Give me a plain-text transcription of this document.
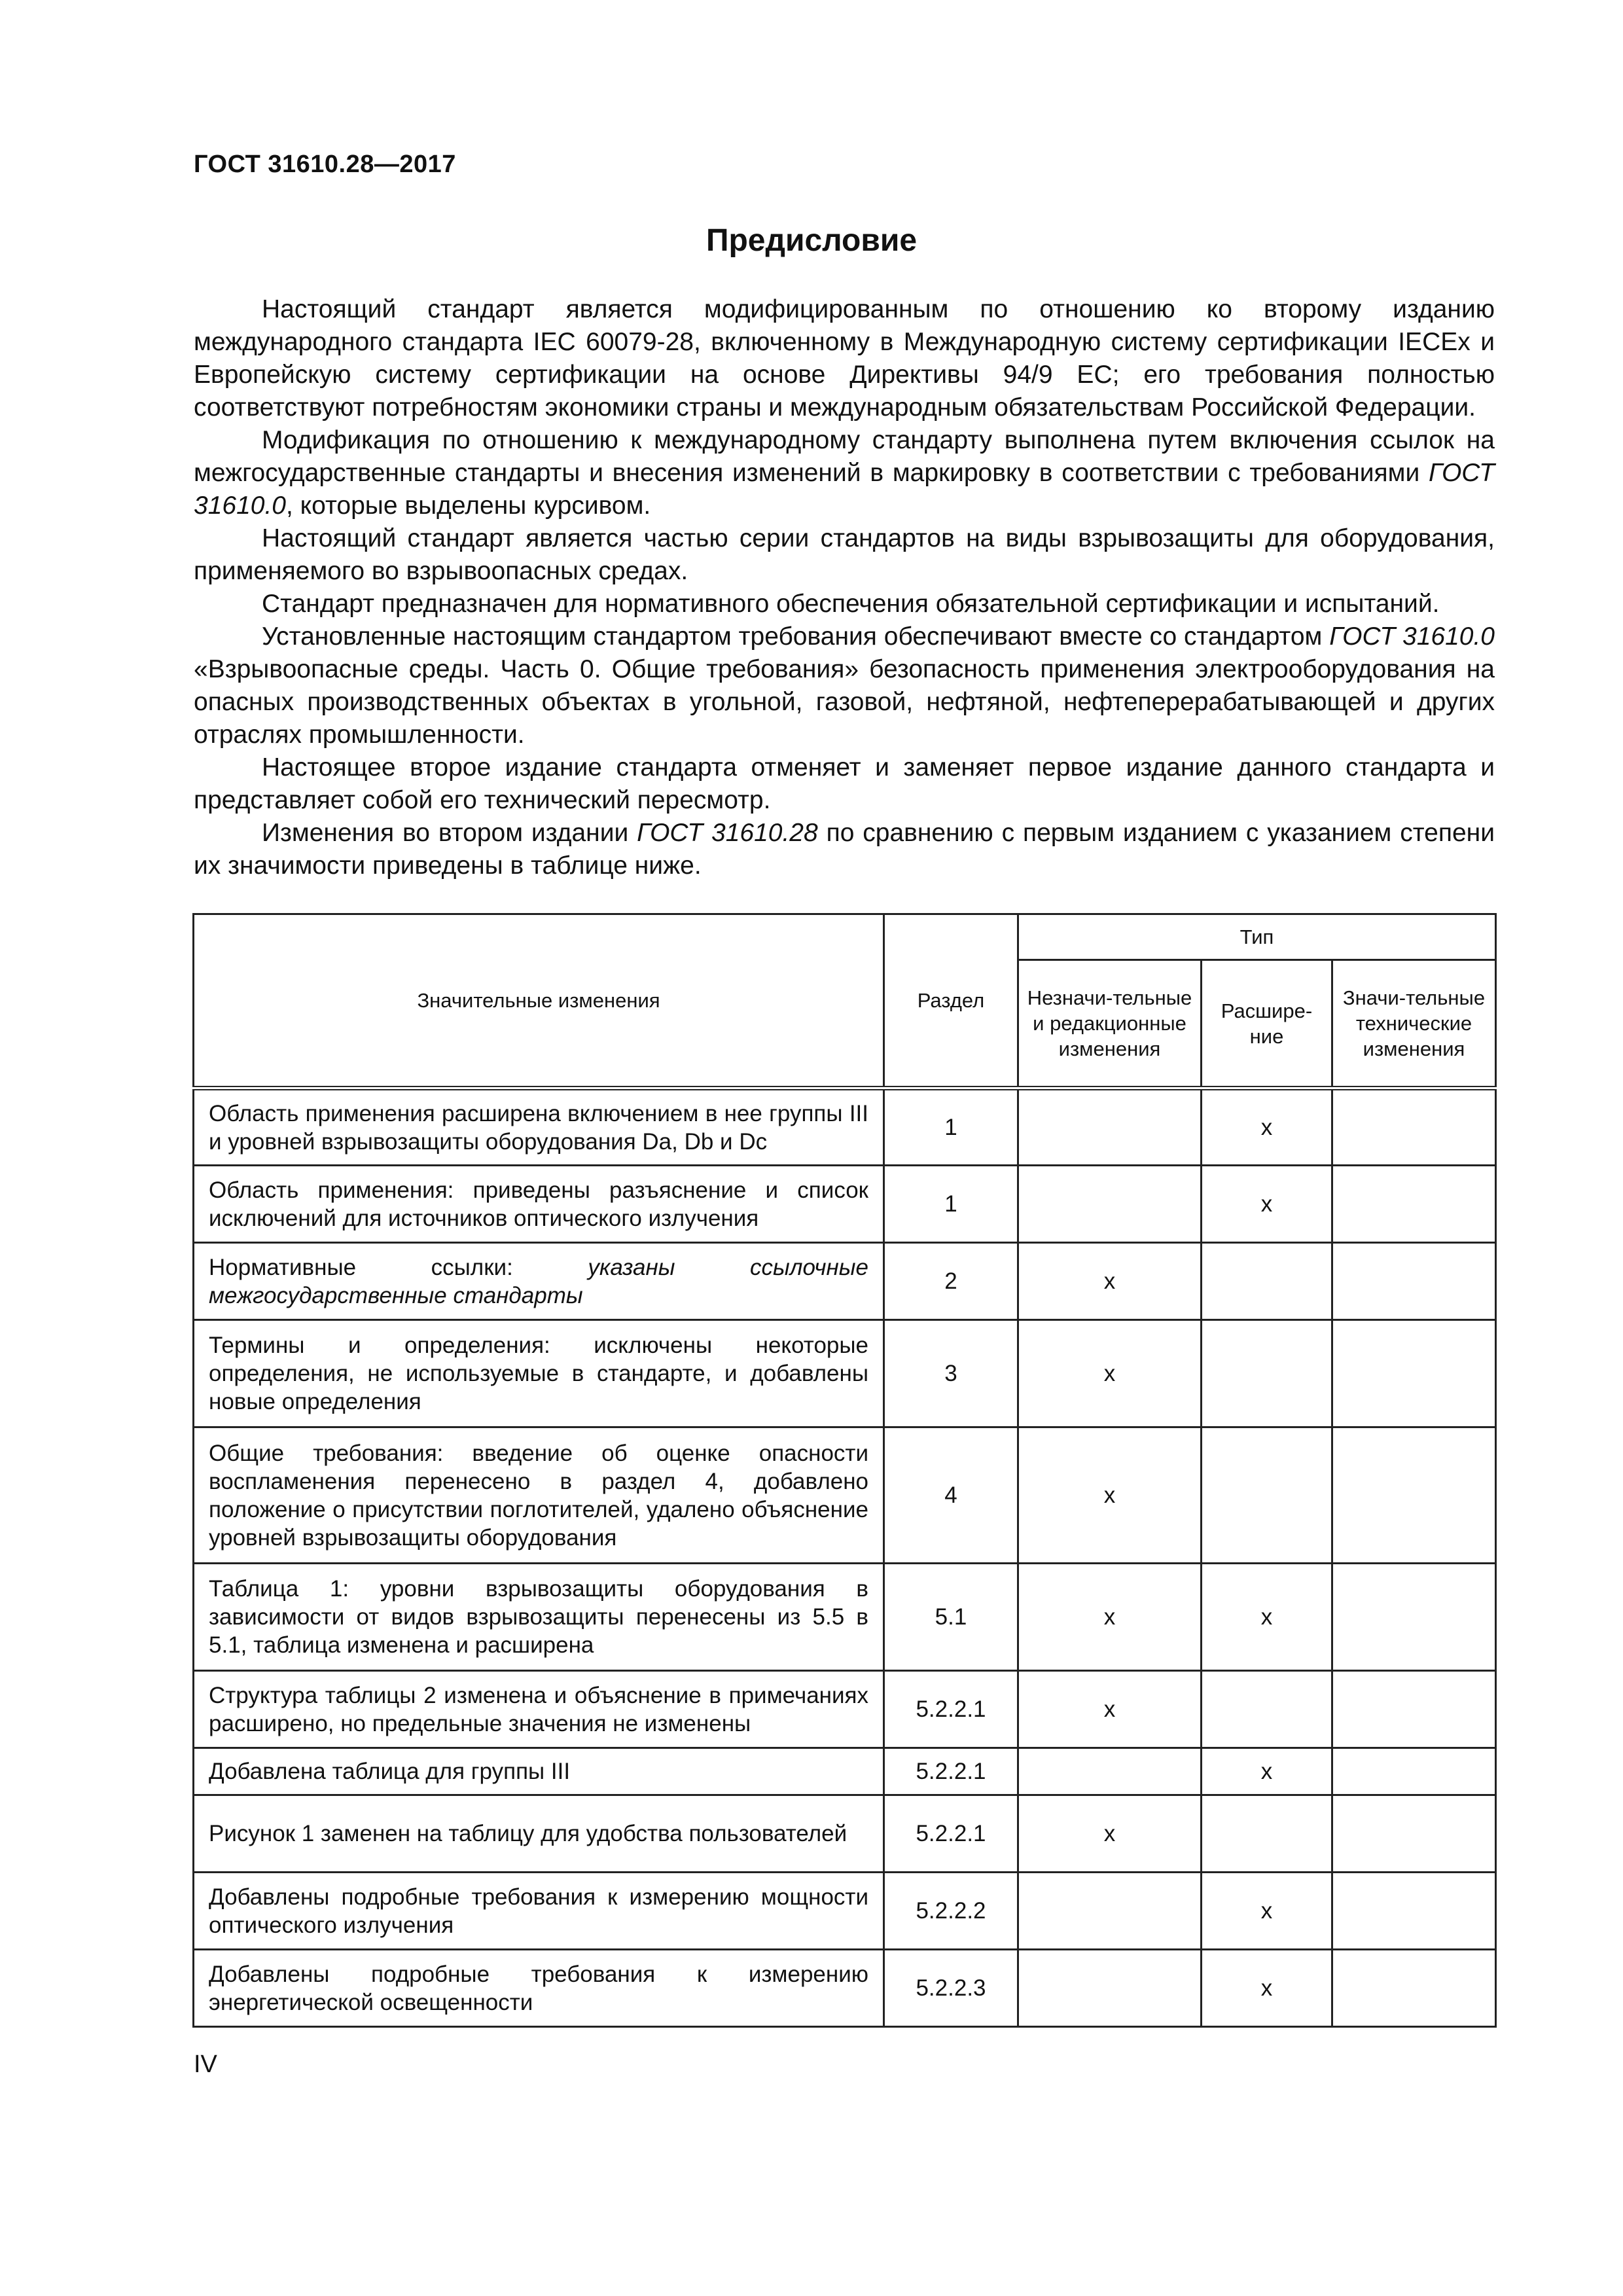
ГОСТ 31610.28—2017
Предисловие

Настоящий стандарт является модифицированным по отношению ко второму изданию международного стандарта IEC 60079-28, включенному в Международную систему сертификации IECEx и Европейскую систему сертификации на основе Директивы 94/9 ЕС; его требования полностью соответствуют потребностям экономики страны и международным обязательствам Российской Федерации.

Модификация по отношению к международному стандарту выполнена путем включения ссылок на межгосударственные стандарты и внесения изменений в маркировку в соответствии с требованиями ГОСТ 31610.0, которые выделены курсивом.

Настоящий стандарт является частью серии стандартов на виды взрывозащиты для оборудования, применяемого во взрывоопасных средах.

Стандарт предназначен для нормативного обеспечения обязательной сертификации и испытаний.

Установленные настоящим стандартом требования обеспечивают вместе со стандартом ГОСТ 31610.0 «Взрывоопасные среды. Часть 0. Общие требования» безопасность применения электрооборудования на опасных производственных объектах в угольной, газовой, нефтяной, нефтеперерабатывающей и других отраслях промышленности.

Настоящее второе издание стандарта отменяет и заменяет первое издание данного стандарта и представляет собой его технический пересмотр.

Изменения во втором издании ГОСТ 31610.28 по сравнению с первым изданием с указанием степени их значимости приведены в таблице ниже.

Значительные изменения	Раздел	Тип		
		Незначи-тельные и редакционные изменения	Расшире-ние	Значи-тельные технические изменения
Область применения расширена включением в нее группы III и уровней взрывозащиты оборудования Da, Db и Dc	1		x	
Область применения: приведены разъяснение и список исключений для источников оптического излучения	1		x	
Нормативные ссылки: указаны ссылочные межгосударственные стандарты	2	x		
Термины и определения: исключены некоторые определения, не используемые в стандарте, и добавлены новые определения	3	x		
Общие требования: введение об оценке опасности воспламенения перенесено в раздел 4, добавлено положение о присутствии поглотителей, удалено объяснение уровней взрывозащиты оборудования	4	x		
Таблица 1: уровни взрывозащиты оборудования в зависимости от видов взрывозащиты перенесены из 5.5 в 5.1, таблица изменена и расширена	5.1	x	x	
Структура таблицы 2 изменена и объяснение в примечаниях расширено, но предельные значения не изменены	5.2.2.1	x		
Добавлена таблица для группы III	5.2.2.1		x	
Рисунок 1 заменен на таблицу для удобства пользователей	5.2.2.1	x		
Добавлены подробные требования к измерению мощности оптического излучения	5.2.2.2		x	
Добавлены подробные требования к измерению энергетической освещенности	5.2.2.3		x	
IV
